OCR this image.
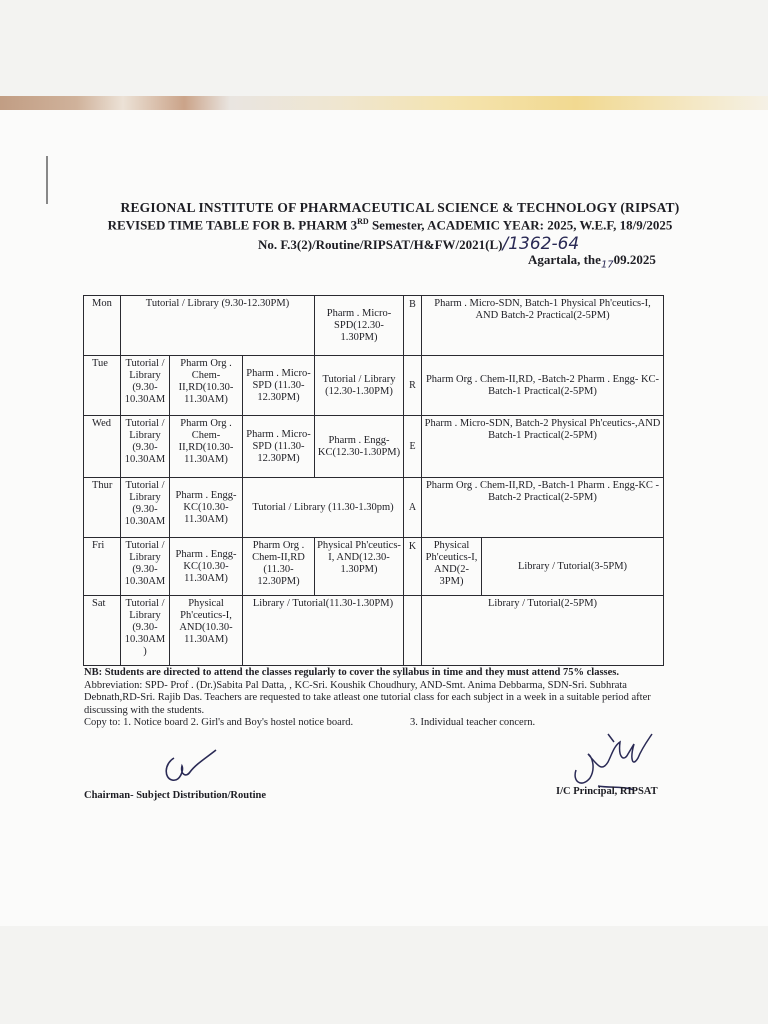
REGIONAL INSTITUTE OF PHARMACEUTICAL SCIENCE & TECHNOLOGY (RIPSAT)
REVISED TIME TABLE FOR B. PHARM 3RD Semester, ACADEMIC YEAR: 2025, W.E.F, 18/9/2025
No. F.3(2)/Routine/RIPSAT/H&FW/2021(L)/1362-64
Agartala, the$_{17}$09.2025
Mon	Tutorial / Library (9.30-12.30PM)			Pharm . Micro-SPD(12.30-1.30PM)	B	Pharm . Micro-SDN, Batch-1 Physical Ph'ceutics-I, AND Batch-2 Practical(2-5PM)	
Tue	Tutorial / Library (9.30-10.30AM	Pharm Org . Chem-II,RD(10.30-11.30AM)	Pharm . Micro-SPD (11.30-12.30PM)	Tutorial / Library (12.30-1.30PM)	R	Pharm Org . Chem-II,RD, -Batch-2 Pharm . Engg- KC- Batch-1 Practical(2-5PM)	
Wed	Tutorial / Library (9.30-10.30AM	Pharm Org . Chem-II,RD(10.30-11.30AM)	Pharm . Micro-SPD (11.30-12.30PM)	Pharm . Engg-KC(12.30-1.30PM)	E	Pharm . Micro-SDN, Batch-2 Physical Ph'ceutics-,AND Batch-1 Practical(2-5PM)	
Thur	Tutorial / Library (9.30-10.30AM	Pharm . Engg-KC(10.30-11.30AM)	Tutorial / Library (11.30-1.30pm)		A	Pharm Org . Chem-II,RD, -Batch-1 Pharm . Engg-KC - Batch-2 Practical(2-5PM)	
Fri	Tutorial / Library (9.30-10.30AM	Pharm . Engg-KC(10.30-11.30AM)	Pharm Org . Chem-II,RD (11.30-12.30PM)	Physical Ph'ceutics-I, AND(12.30-1.30PM)	K	Physical Ph'ceutics-I, AND(2-3PM)	Library / Tutorial(3-5PM)
Sat	Tutorial / Library (9.30-10.30AM )	Physical Ph'ceutics-I, AND(10.30-11.30AM)	Library / Tutorial(11.30-1.30PM)			Library / Tutorial(2-5PM)	
NB: Students are directed to attend the classes regularly to cover the syllabus in time and they must attend 75% classes.
Abbreviation: SPD- Prof . (Dr.)Sabita Pal Datta, , KC-Sri. Koushik Choudhury, AND-Smt. Anima Debbarma, SDN-Sri. Subhrata Debnath,RD-Sri. Rajib Das. Teachers are requested to take atleast one tutorial class for each subject in a week in a suitable period after discussing with the students.
Copy to: 1. Notice board 2. Girl's and Boy's hostel notice board.	3. Individual teacher concern.
Chairman- Subject Distribution/Routine	I/C Principal, RIPSAT
